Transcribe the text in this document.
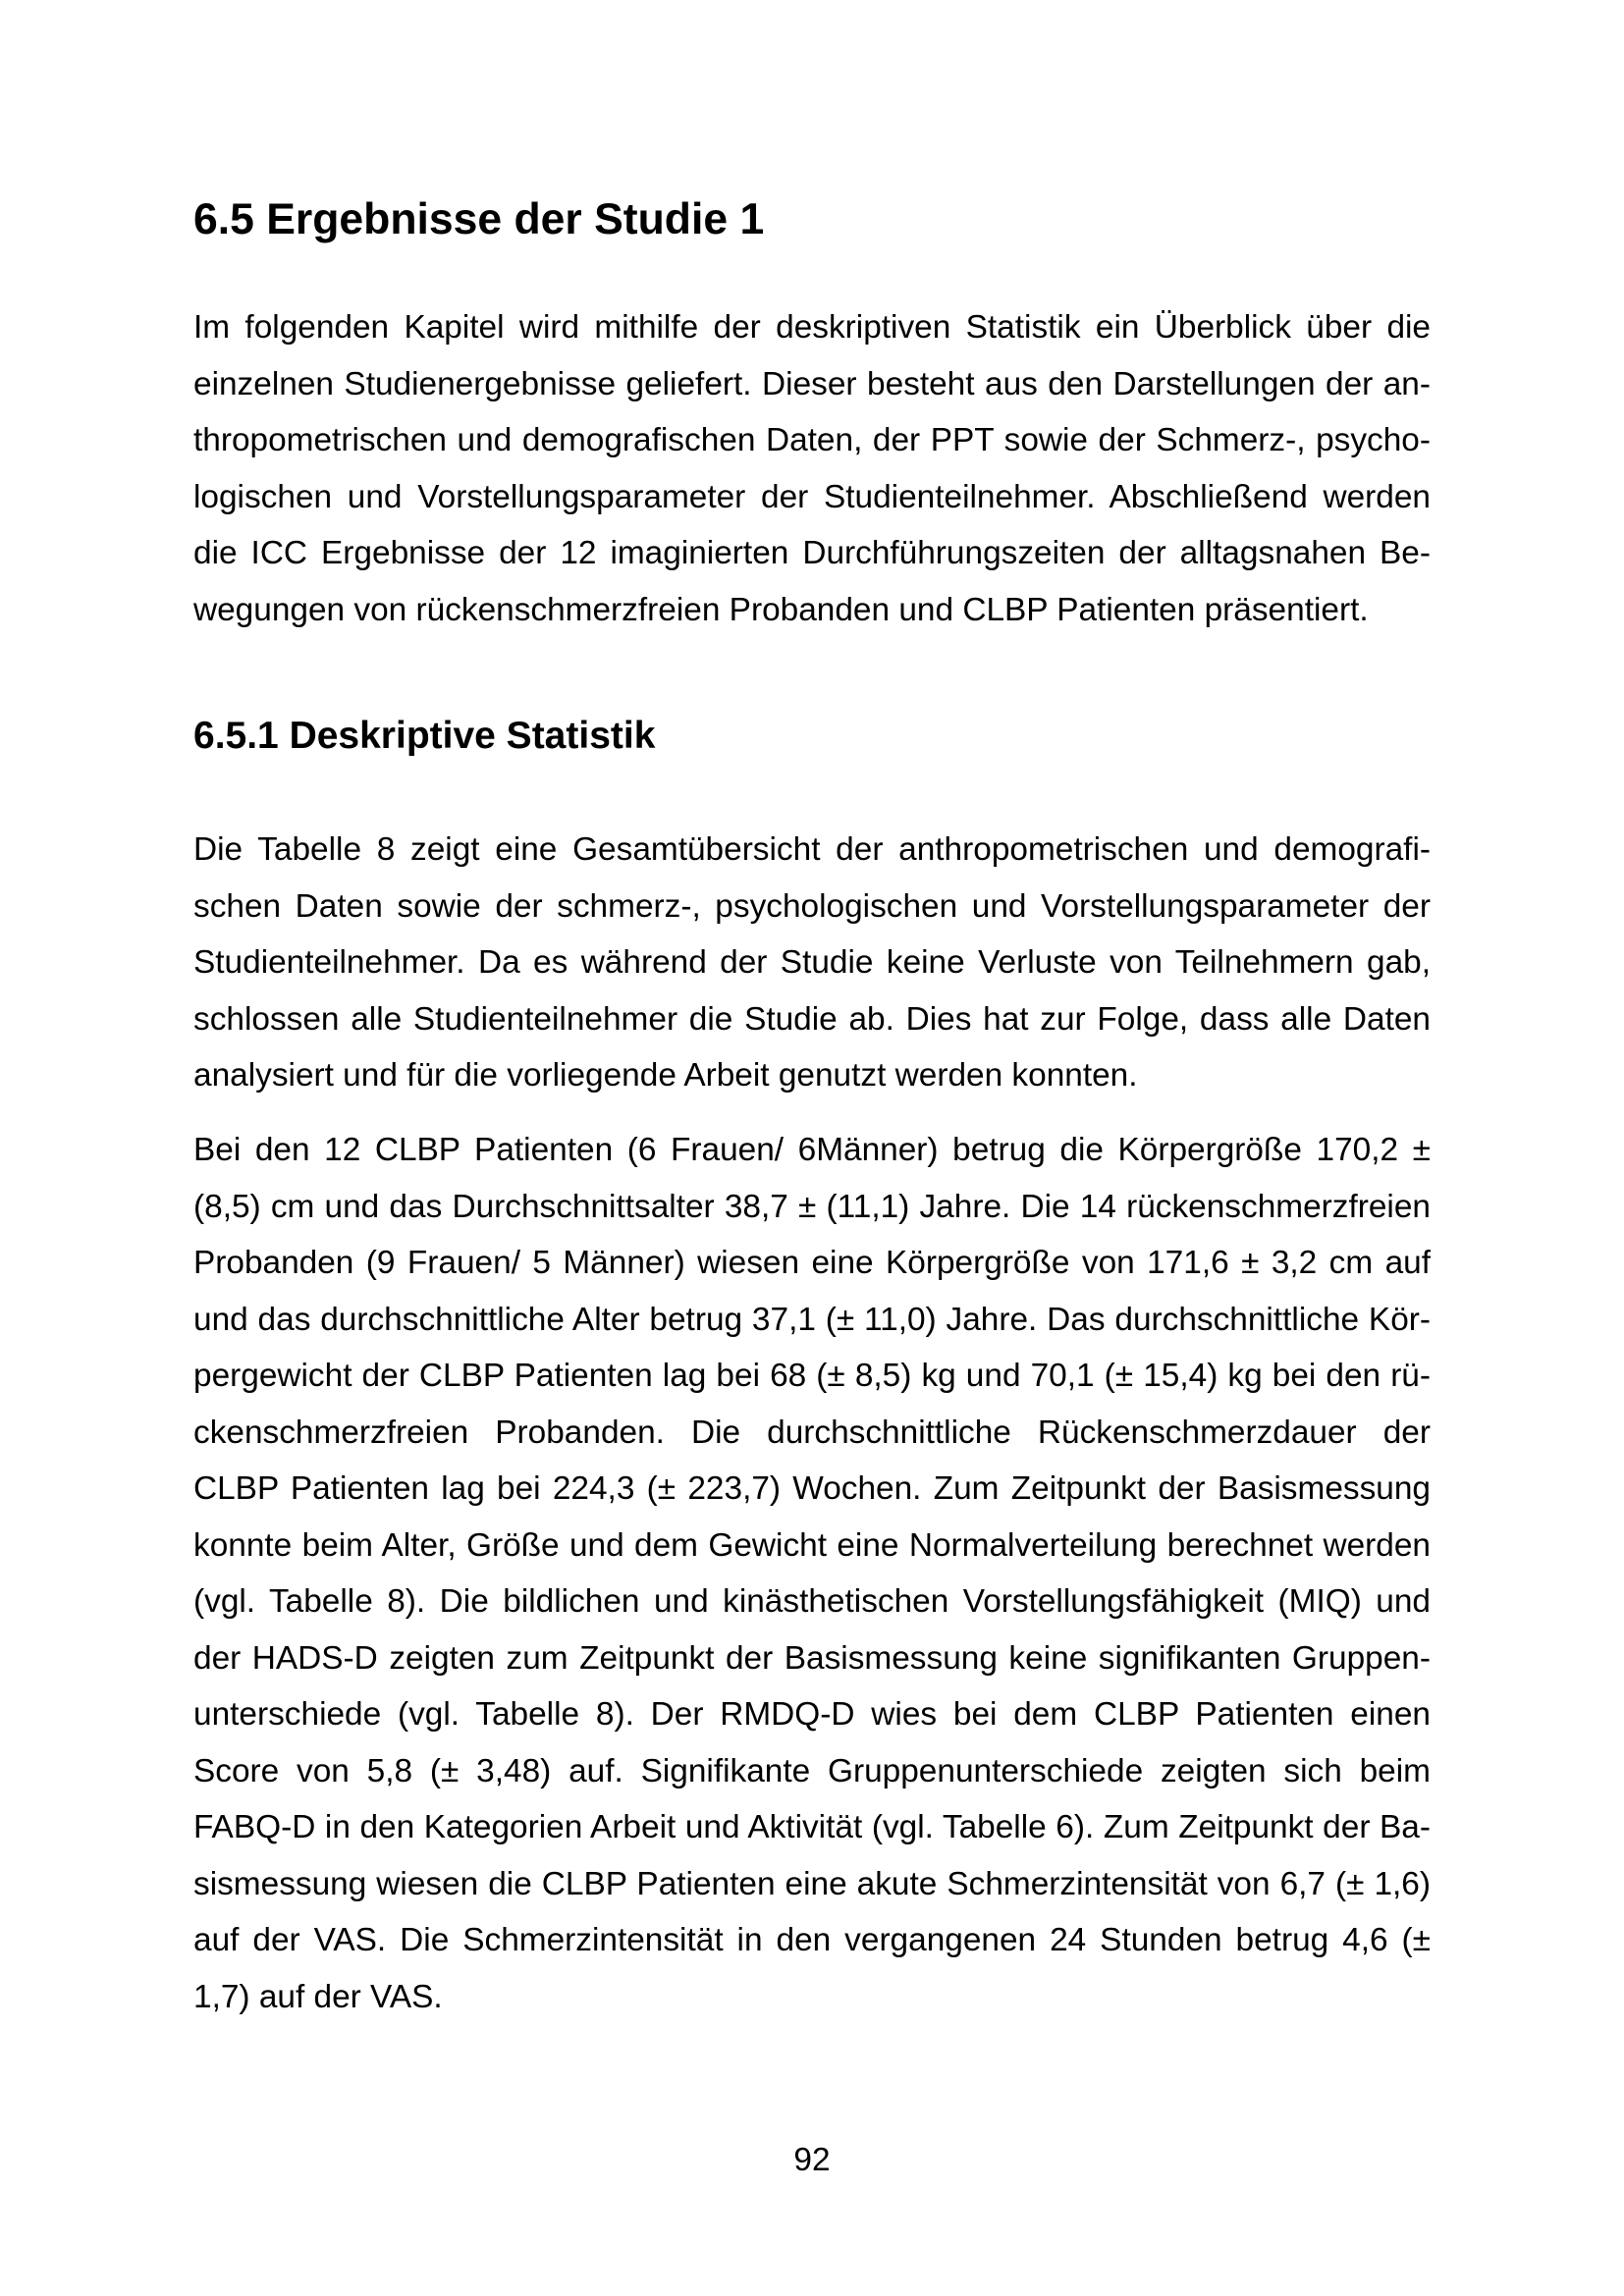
6.5 Ergebnisse der Studie 1
Im folgenden Kapitel wird mithilfe der deskriptiven Statistik ein Überblick über die
einzelnen Studienergebnisse geliefert. Dieser besteht aus den Darstellungen der an-
thropometrischen und demografischen Daten, der PPT sowie der Schmerz-, psycho-
logischen und Vorstellungsparameter der Studienteilnehmer. Abschließend werden
die ICC Ergebnisse der 12 imaginierten Durchführungszeiten der alltagsnahen Be-
wegungen von rückenschmerzfreien Probanden und CLBP Patienten präsentiert.
6.5.1 Deskriptive Statistik
Die Tabelle 8 zeigt eine Gesamtübersicht der anthropometrischen und demografi-
schen Daten sowie der schmerz-, psychologischen und Vorstellungsparameter der
Studienteilnehmer. Da es während der Studie keine Verluste von Teilnehmern gab,
schlossen alle Studienteilnehmer die Studie ab. Dies hat zur Folge, dass alle Daten
analysiert und für die vorliegende Arbeit genutzt werden konnten.
Bei den 12 CLBP Patienten (6 Frauen/ 6Männer) betrug die Körpergröße 170,2 ±
(8,5) cm und das Durchschnittsalter 38,7 ± (11,1) Jahre. Die 14 rückenschmerzfreien
Probanden (9 Frauen/ 5 Männer) wiesen eine Körpergröße von 171,6 ± 3,2 cm auf
und das durchschnittliche Alter betrug 37,1 (± 11,0) Jahre. Das durchschnittliche Kör-
pergewicht der CLBP Patienten lag bei 68 (± 8,5) kg und 70,1 (± 15,4) kg bei den rü-
ckenschmerzfreien Probanden. Die durchschnittliche Rückenschmerzdauer der
CLBP Patienten lag bei 224,3 (± 223,7) Wochen. Zum Zeitpunkt der Basismessung
konnte beim Alter, Größe und dem Gewicht eine Normalverteilung berechnet werden
(vgl. Tabelle 8). Die bildlichen und kinästhetischen Vorstellungsfähigkeit (MIQ) und
der HADS-D zeigten zum Zeitpunkt der Basismessung keine signifikanten Gruppen-
unterschiede (vgl. Tabelle 8). Der RMDQ-D wies bei dem CLBP Patienten einen
Score von 5,8 (± 3,48) auf. Signifikante Gruppenunterschiede zeigten sich beim
FABQ-D in den Kategorien Arbeit und Aktivität (vgl. Tabelle 6). Zum Zeitpunkt der Ba-
sismessung wiesen die CLBP Patienten eine akute Schmerzintensität von 6,7 (± 1,6)
auf der VAS. Die Schmerzintensität in den vergangenen 24 Stunden betrug 4,6 (±
1,7) auf der VAS.
92
